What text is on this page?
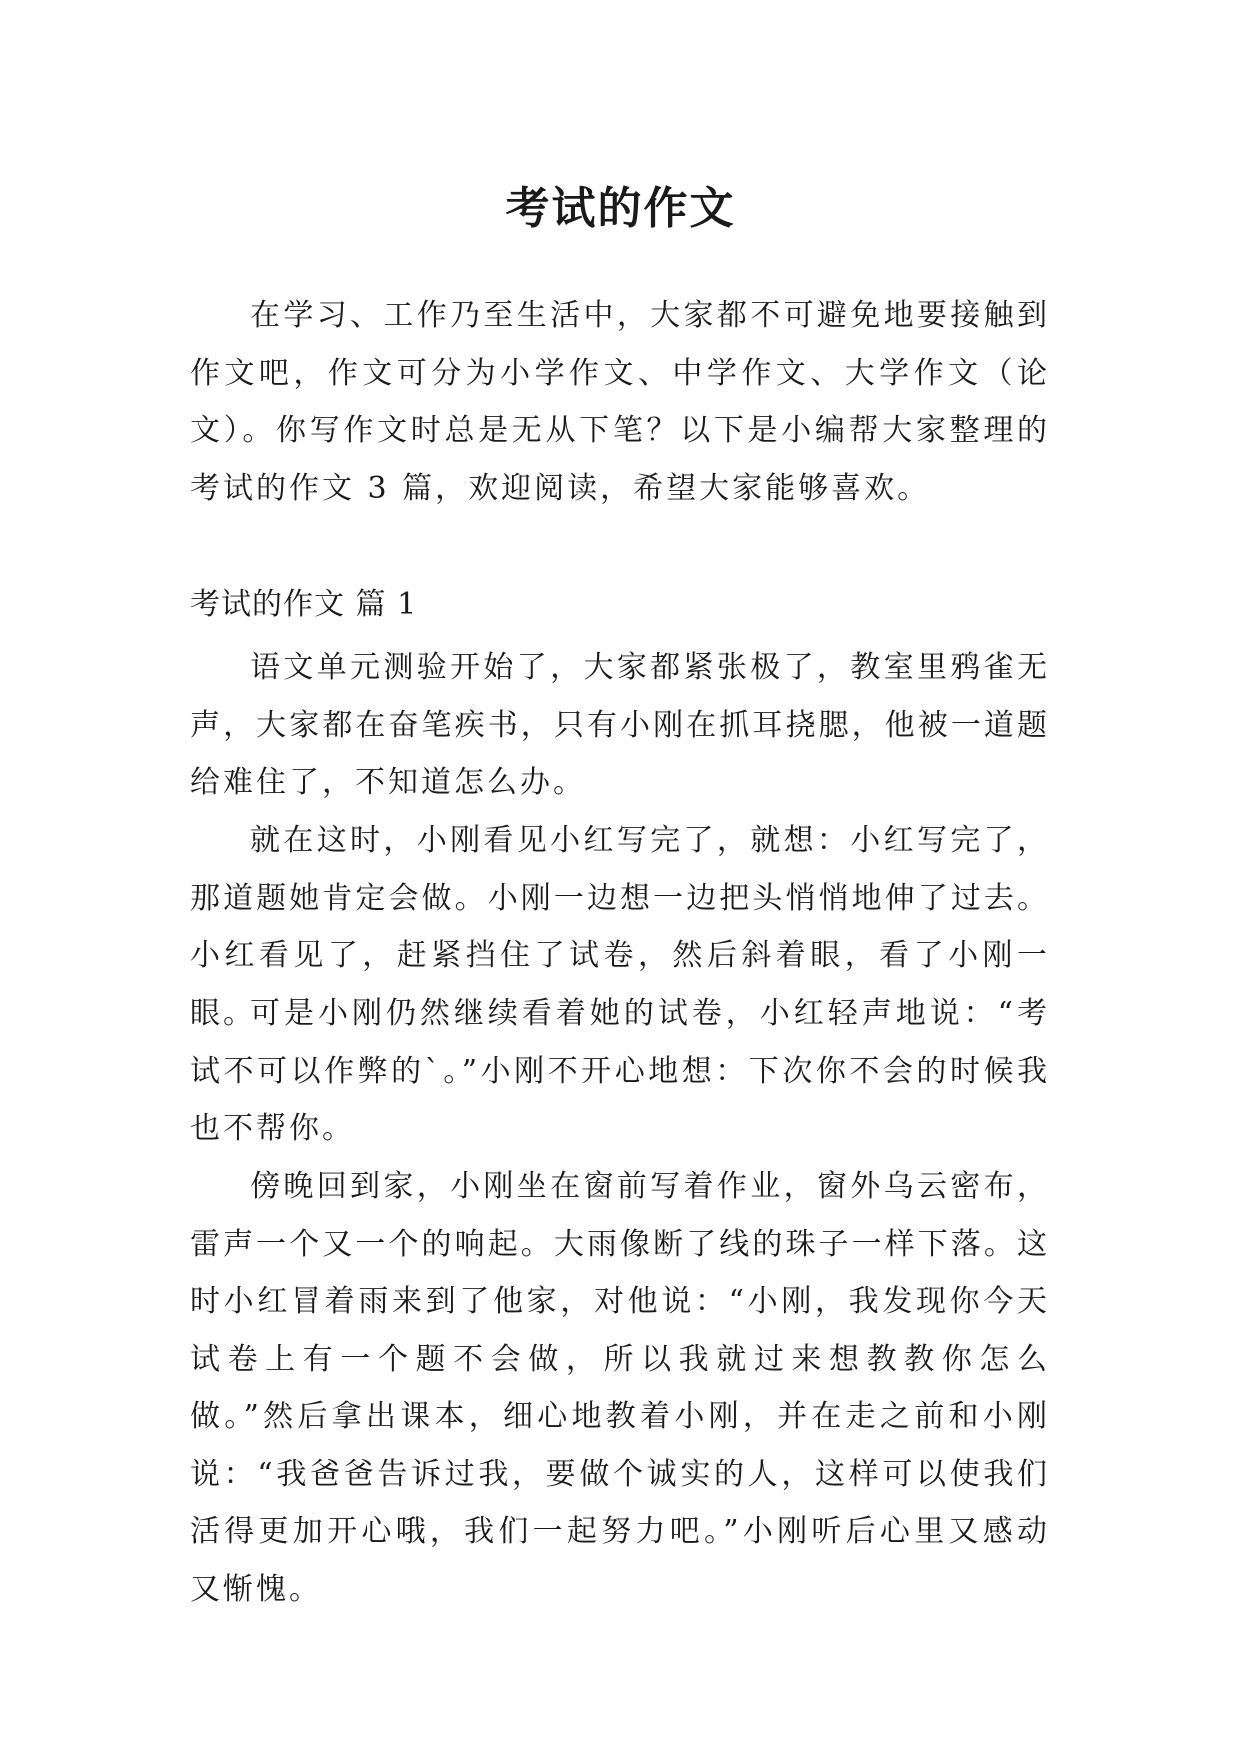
考试的作文

在学习、工作乃至生活中，大家都不可避免地要接触到作文吧，作文可分为小学作文、中学作文、大学作文（论文）。你写作文时总是无从下笔？以下是小编帮大家整理的考试的作文 3 篇，欢迎阅读，希望大家能够喜欢。

考试的作文 篇 1

语文单元测验开始了，大家都紧张极了，教室里鸦雀无声，大家都在奋笔疾书，只有小刚在抓耳挠腮，他被一道题给难住了，不知道怎么办。

就在这时，小刚看见小红写完了，就想：小红写完了，那道题她肯定会做。小刚一边想一边把头悄悄地伸了过去。小红看见了，赶紧挡住了试卷，然后斜着眼，看了小刚一眼。

可是小刚仍然继续看着她的试卷，小红轻声地说：“考试不可以作弊的`。”小刚不开心地想：下次你不会的时候我也不帮你。

傍晚回到家，小刚坐在窗前写着作业，窗外乌云密布，雷声一个又一个的响起。大雨像断了线的珠子一样下落。这时小红冒着雨来到了他家，对他说：“小刚，我发现你今天试卷上有一个题不会做，所以我就过来想教教你怎么做。”然后拿出课本，细心地教着小刚，并在走之前和小刚说：“我爸爸告诉过我，要做个诚实的人，这样可以使我们活得更加开心哦，我们一起努力吧。”小刚听后心里又感动又惭愧。
